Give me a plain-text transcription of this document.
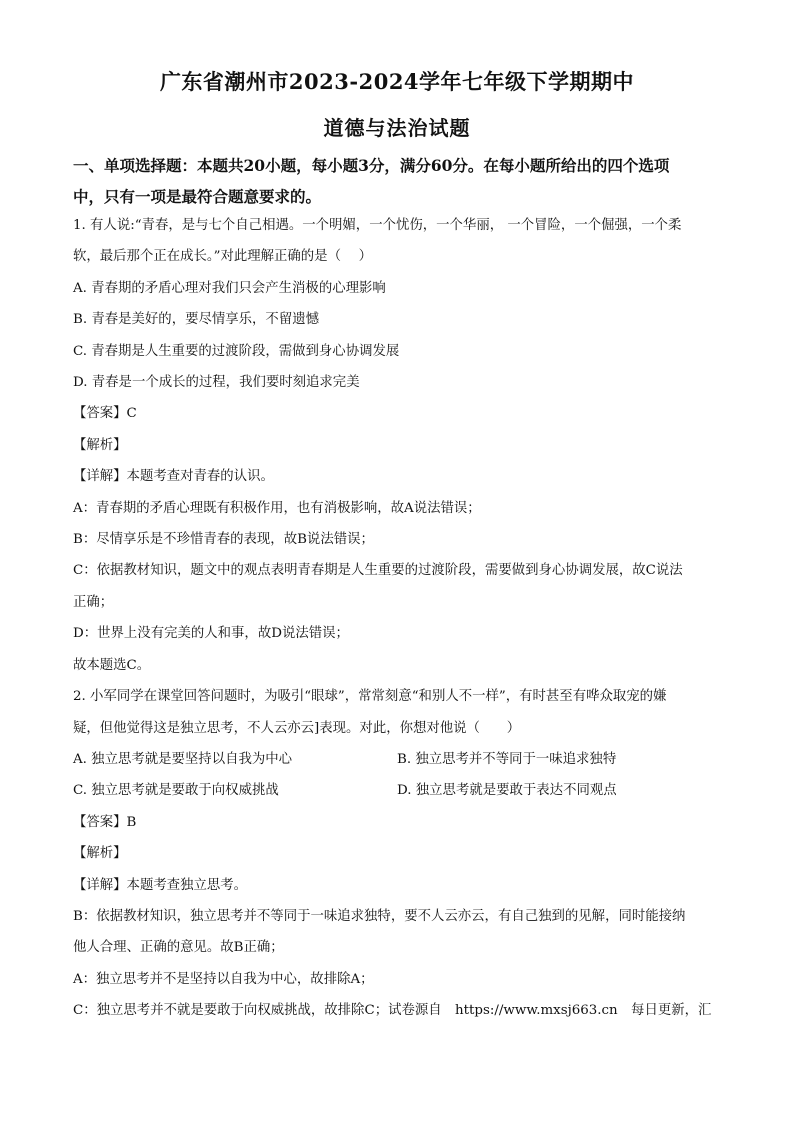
广东省潮州市2023-2024学年七年级下学期期中
道德与法治试题
一、单项选择题：本题共20小题，每小题3分，满分60分。在每小题所给出的四个选项
中，只有一项是最符合题意要求的。

1. 有人说:“青春，是与七个自己相遇。一个明媚，一个忧伤，一个华丽， 一个冒险，一个倔强，一个柔

软，最后那个正在成长。”对此理解正确的是（　 ）

A. 青春期的矛盾心理对我们只会产生消极的心理影响

B. 青春是美好的，要尽情享乐，不留遗憾

C. 青春期是人生重要的过渡阶段，需做到身心协调发展

D. 青春是一个成长的过程，我们要时刻追求完美

【答案】C

【解析】

【详解】本题考查对青春的认识。

A：青春期的矛盾心理既有积极作用，也有消极影响，故A说法错误；

B：尽情享乐是不珍惜青春的表现，故B说法错误；

C：依据教材知识，题文中的观点表明青春期是人生重要的过渡阶段，需要做到身心协调发展，故C说法

正确；

D：世界上没有完美的人和事，故D说法错误；

故本题选C。

2. 小军同学在课堂回答问题时，为吸引“眼球”，常常刻意“和别人不一样”，有时甚至有哗众取宠的嫌

疑，但他觉得这是独立思考，不人云亦云]表现。对此，你想对他说（　　）

A. 独立思考就是要坚持以自我为中心	B. 独立思考并不等同于一味追求独特
C. 独立思考就是要敢于向权威挑战	D. 独立思考就是要敢于表达不同观点

【答案】B

【解析】

【详解】本题考查独立思考。

B：依据教材知识，独立思考并不等同于一味追求独特，要不人云亦云，有自己独到的见解，同时能接纳

他人合理、正确的意见。故B正确；

A：独立思考并不是坚持以自我为中心，故排除A；

C：独立思考并不就是要敢于向权威挑战，故排除C；试卷源自　https://www.mxsj663.cn　每日更新，汇
